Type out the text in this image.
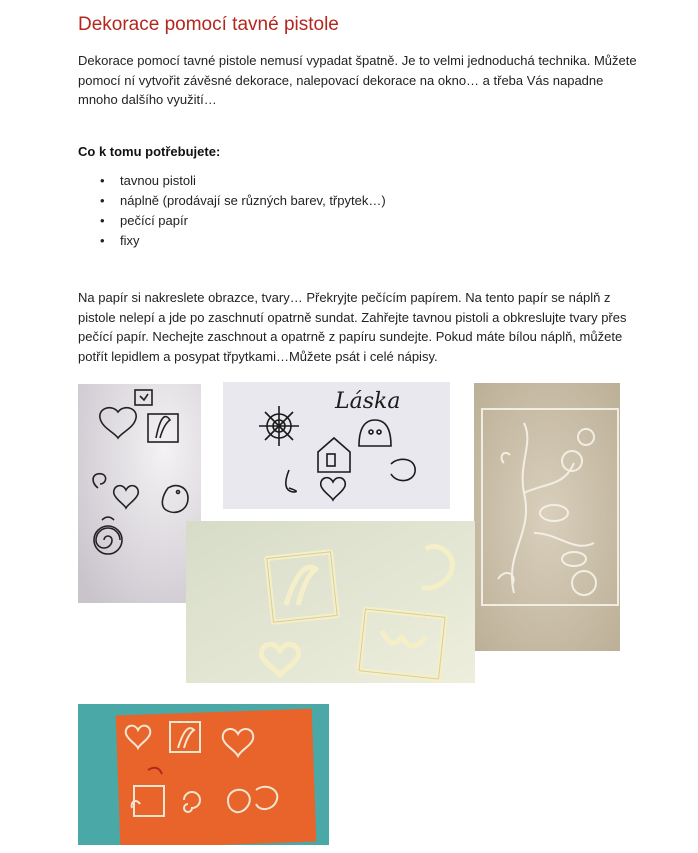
Dekorace pomocí tavné pistole

Dekorace pomocí tavné pistole nemusí vypadat špatně. Je to velmi jednoduchá technika. Můžete pomocí ní vytvořit závěsné dekorace, nalepovací dekorace na okno… a třeba Vás napadne mnoho dalšího využití…

Co k tomu potřebujete:
• tavnou pistoli
• náplně (prodávají se různých barev, třpytek…)
• pečící papír
• fixy

Na papír si nakreslete obrazce, tvary… Překryjte pečícím papírem. Na tento papír se náplň z pistole nelepí a jde po zaschnutí opatrně sundat. Zahřejte tavnou pistoli a obkreslujte tvary přes pečící papír. Nechejte zaschnout a opatrně z papíru sundejte. Pokud máte bílou náplň, můžete potřít lepidlem a posypat třpytkami…Můžete psát i celé nápisy.

Láska
